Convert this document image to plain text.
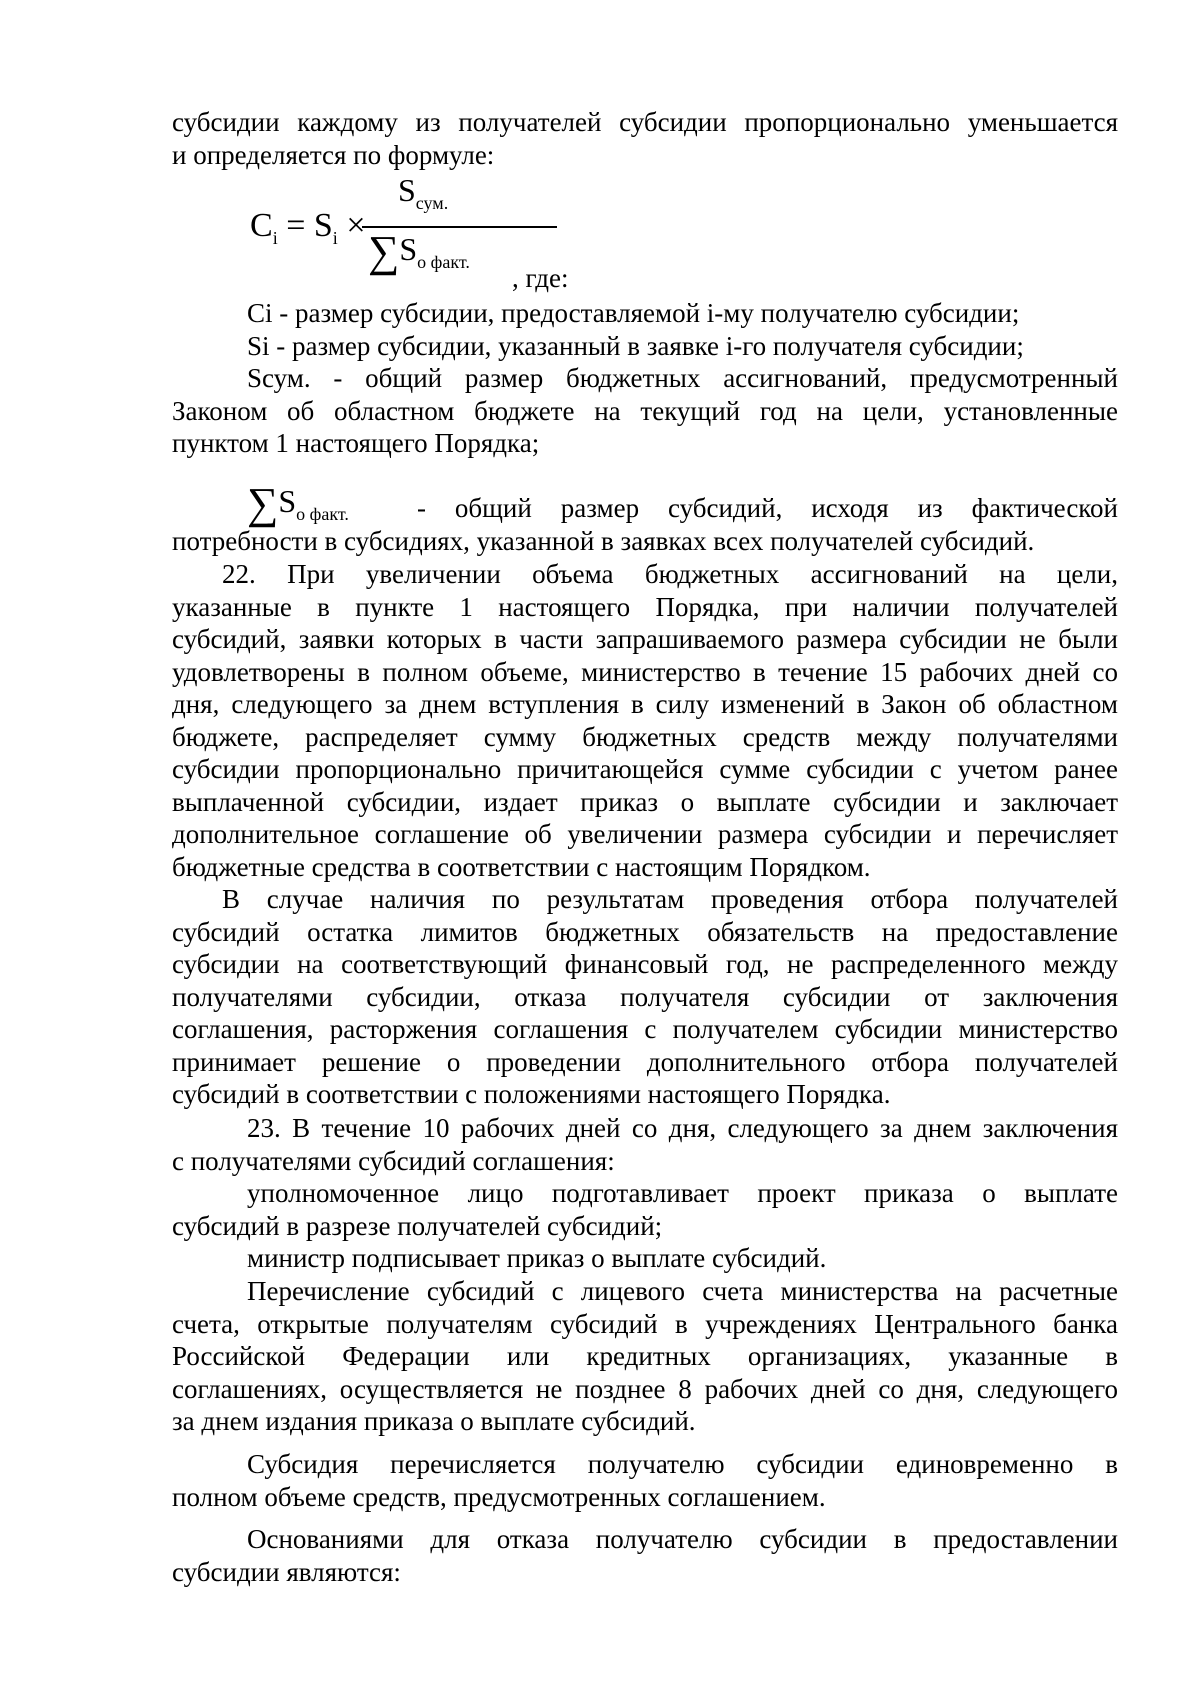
субсидии каждому из получателей субсидии пропорционально уменьшается
и определяется по формуле:
$C_i = S_i$ ×
$S_{сум.}$
$\sum S_{о факт.}$
, где:
Ci - размер субсидии, предоставляемой i-му получателю субсидии;
Si - размер субсидии, указанный в заявке i-го получателя субсидии;
Sсум. - общий размер бюджетных ассигнований, предусмотренный
Законом об областном бюджете на текущий год на цели, установленные
пунктом 1 настоящего Порядка;
$\sum S_{о факт.}$	- общий размер субсидий, исходя из фактической
потребности в субсидиях, указанной в заявках всех получателей субсидий.
22. При увеличении объема бюджетных ассигнований на цели,
указанные в пункте 1 настоящего Порядка, при наличии получателей
субсидий, заявки которых в части запрашиваемого размера субсидии не были
удовлетворены в полном объеме, министерство в течение 15 рабочих дней со
дня, следующего за днем вступления в силу изменений в Закон об областном
бюджете, распределяет сумму бюджетных средств между получателями
субсидии пропорционально причитающейся сумме субсидии с учетом ранее
выплаченной субсидии, издает приказ о выплате субсидии и заключает
дополнительное соглашение об увеличении размера субсидии и перечисляет
бюджетные средства в соответствии с настоящим Порядком.
В случае наличия по результатам проведения отбора получателей
субсидий остатка лимитов бюджетных обязательств на предоставление
субсидии на соответствующий финансовый год, не распределенного между
получателями субсидии, отказа получателя субсидии от заключения
соглашения, расторжения соглашения с получателем субсидии министерство
принимает решение о проведении дополнительного отбора получателей
субсидий в соответствии с положениями настоящего Порядка.
23. В течение 10 рабочих дней со дня, следующего за днем заключения
с получателями субсидий соглашения:
уполномоченное лицо подготавливает проект приказа о выплате
субсидий в разрезе получателей субсидий;
министр подписывает приказ о выплате субсидий.
Перечисление субсидий с лицевого счета министерства на расчетные
счета, открытые получателям субсидий в учреждениях Центрального банка
Российской Федерации или кредитных организациях, указанные в
соглашениях, осуществляется не позднее 8 рабочих дней со дня, следующего
за днем издания приказа о выплате субсидий.
Субсидия перечисляется получателю субсидии единовременно в
полном объеме средств, предусмотренных соглашением.
Основаниями для отказа получателю субсидии в предоставлении
субсидии являются:
